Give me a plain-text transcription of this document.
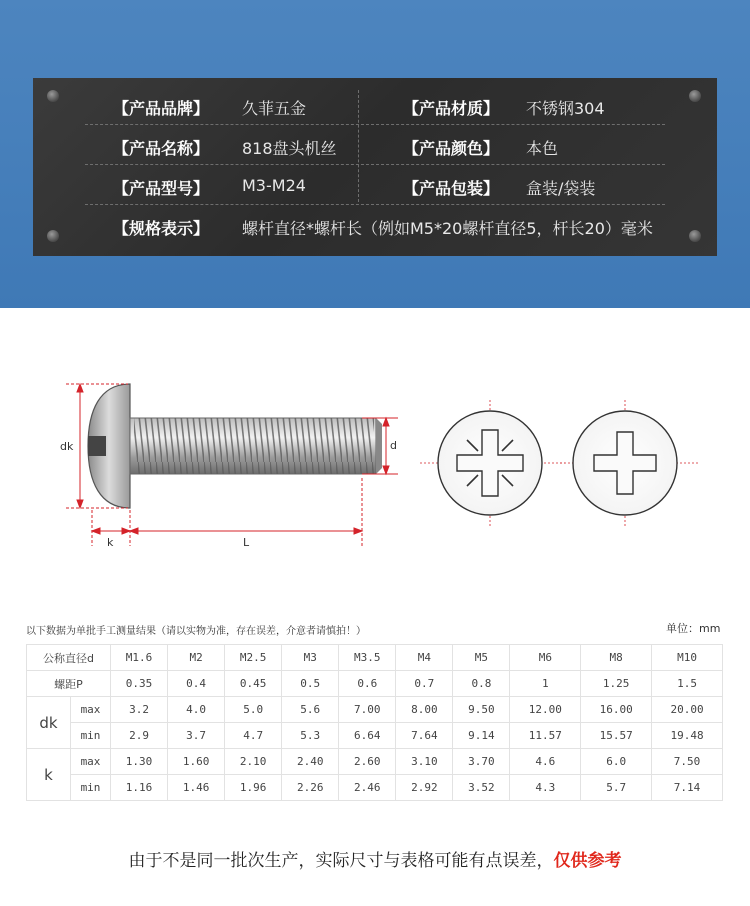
【产品品牌】 久菲五金	【产品材质】 不锈钢304
【产品名称】 818盘头机丝	【产品颜色】 本色
【产品型号】 M3-M24	【产品包装】 盒装/袋装
【规格表示】 螺杆直径*螺杆长（例如M5*20螺杆直径5，杆长20）毫米
dk	d
k	L
以下数据为单批手工测量结果（请以实物为准，存在误差，介意者请慎拍！）	单位：mm
公称直径d		M1.6	M2	M2.5	M3	M3.5	M4	M5	M6	M8	M10
螺距P		0.35	0.4	0.45	0.5	0.6	0.7	0.8	1	1.25	1.5
dk	max	3.2	4.0	5.0	5.6	7.00	8.00	9.50	12.00	16.00	20.00
	min	2.9	3.7	4.7	5.3	6.64	7.64	9.14	11.57	15.57	19.48
k	max	1.30	1.60	2.10	2.40	2.60	3.10	3.70	4.6	6.0	7.50
	min	1.16	1.46	1.96	2.26	2.46	2.92	3.52	4.3	5.7	7.14
由于不是同一批次生产，实际尺寸与表格可能有点误差，仅供参考
